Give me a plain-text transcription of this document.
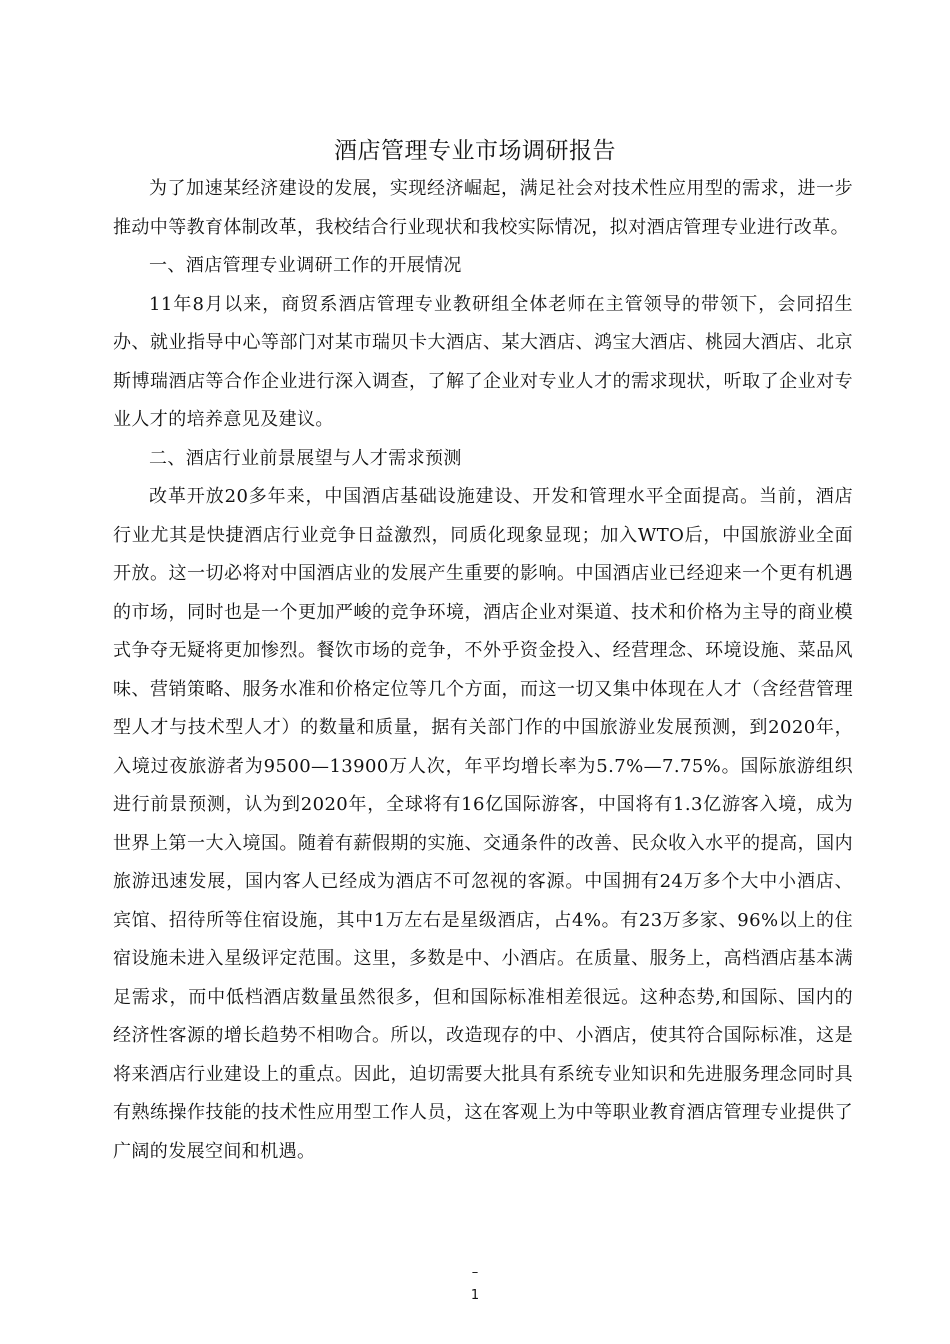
酒店管理专业市场调研报告

为了加速某经济建设的发展，实现经济崛起，满足社会对技术性应用型的需求，进一步推动中等教育体制改革，我校结合行业现状和我校实际情况，拟对酒店管理专业进行改革。

一、酒店管理专业调研工作的开展情况

11年8月以来，商贸系酒店管理专业教研组全体老师在主管领导的带领下，会同招生办、就业指导中心等部门对某市瑞贝卡大酒店、某大酒店、鸿宝大酒店、桃园大酒店、北京斯博瑞酒店等合作企业进行深入调查，了解了企业对专业人才的需求现状，听取了企业对专业人才的培养意见及建议。

二、酒店行业前景展望与人才需求预测

改革开放20多年来，中国酒店基础设施建设、开发和管理水平全面提高。当前，酒店行业尤其是快捷酒店行业竞争日益激烈，同质化现象显现；加入WTO后，中国旅游业全面开放。这一切必将对中国酒店业的发展产生重要的影响。中国酒店业已经迎来一个更有机遇的市场，同时也是一个更加严峻的竞争环境，酒店企业对渠道、技术和价格为主导的商业模式争夺无疑将更加惨烈。餐饮市场的竞争，不外乎资金投入、经营理念、环境设施、菜品风味、营销策略、服务水准和价格定位等几个方面，而这一切又集中体现在人才（含经营管理型人才与技术型人才）的数量和质量，据有关部门作的中国旅游业发展预测，到2020年，入境过夜旅游者为9500—13900万人次，年平均增长率为5.7%—7.75%。国际旅游组织进行前景预测，认为到2020年，全球将有16亿国际游客，中国将有1.3亿游客入境，成为世界上第一大入境国。随着有薪假期的实施、交通条件的改善、民众收入水平的提高，国内旅游迅速发展，国内客人已经成为酒店不可忽视的客源。中国拥有24万多个大中小酒店、宾馆、招待所等住宿设施，其中1万左右是星级酒店，占4%。有23万多家、96%以上的住宿设施未进入星级评定范围。这里，多数是中、小酒店。在质量、服务上，高档酒店基本满足需求，而中低档酒店数量虽然很多，但和国际标准相差很远。这种态势,和国际、国内的经济性客源的增长趋势不相吻合。所以，改造现存的中、小酒店，使其符合国际标准，这是将来酒店行业建设上的重点。因此，迫切需要大批具有系统专业知识和先进服务理念同时具有熟练操作技能的技术性应用型工作人员，这在客观上为中等职业教育酒店管理专业提供了广阔的发展空间和机遇。

–
1
